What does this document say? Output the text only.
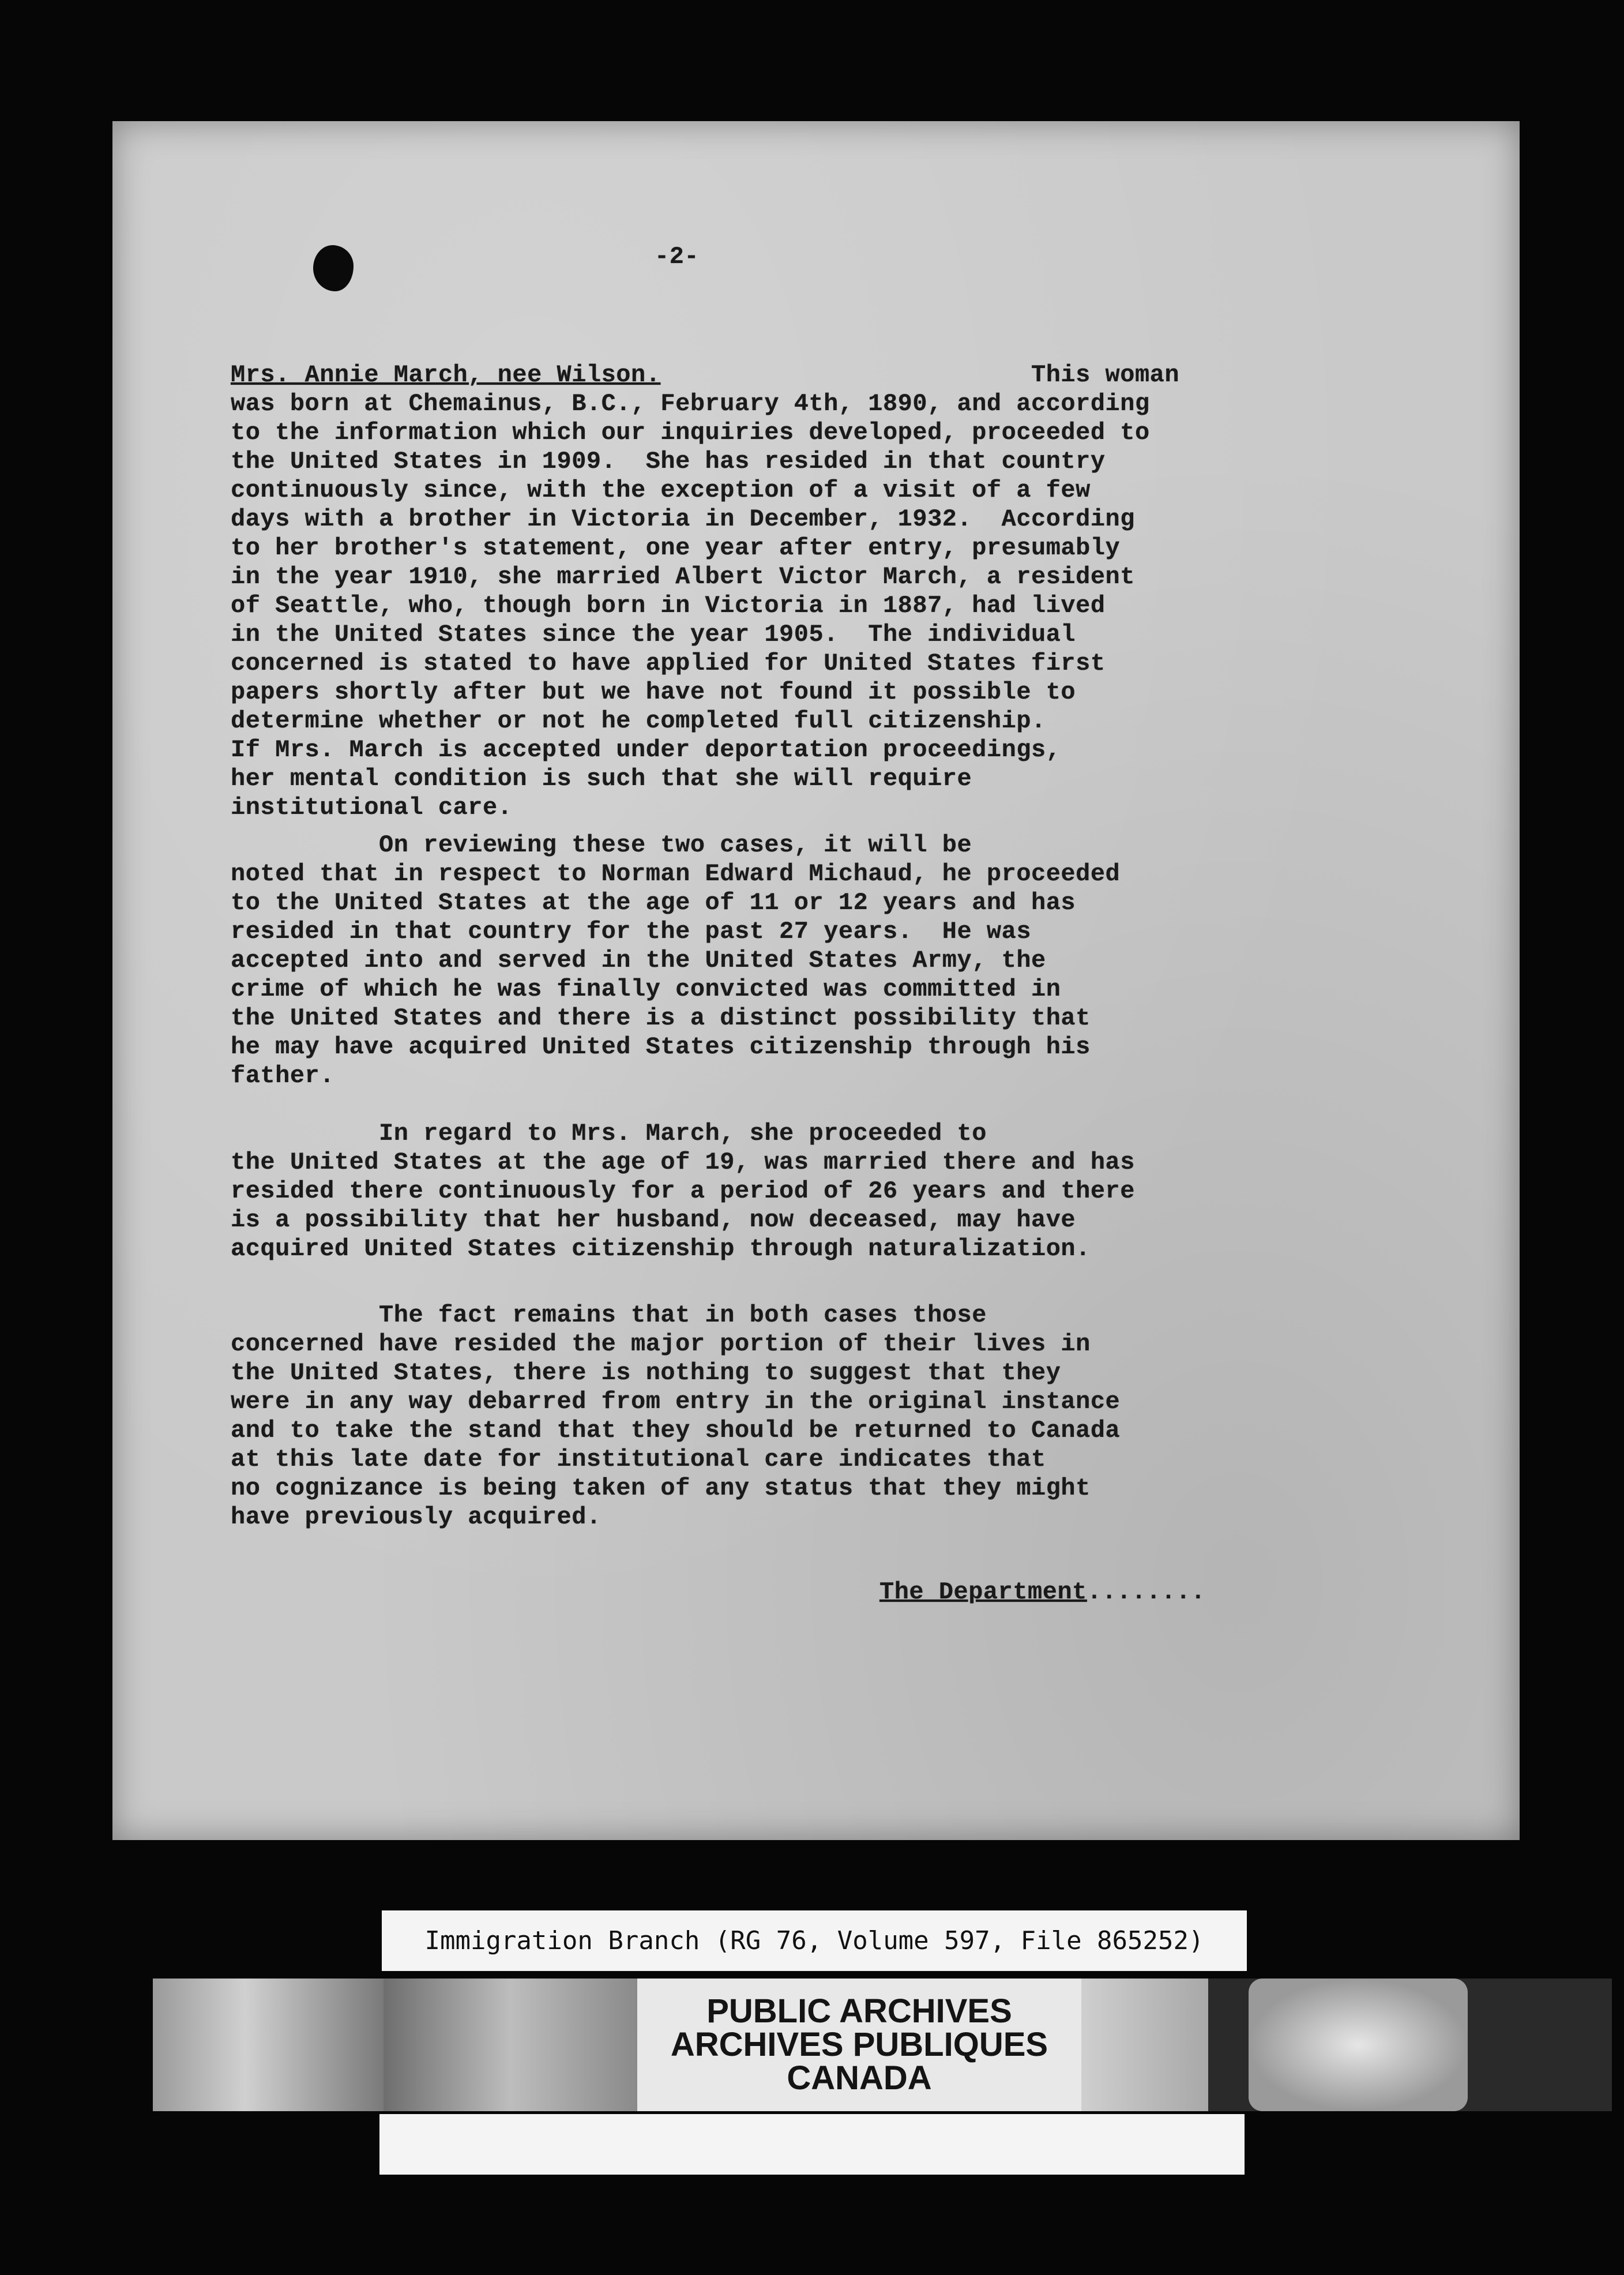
-2-
Mrs. Annie March, nee Wilson.	This woman
was born at Chemainus, B.C., February 4th, 1890, and according
to the information which our inquiries developed, proceeded to
the United States in 1909.  She has resided in that country
continuously since, with the exception of a visit of a few
days with a brother in Victoria in December, 1932.  According
to her brother's statement, one year after entry, presumably
in the year 1910, she married Albert Victor March, a resident
of Seattle, who, though born in Victoria in 1887, had lived
in the United States since the year 1905.  The individual
concerned is stated to have applied for United States first
papers shortly after but we have not found it possible to
determine whether or not he completed full citizenship.
If Mrs. March is accepted under deportation proceedings,
her mental condition is such that she will require
institutional care.
On reviewing these two cases, it will be
noted that in respect to Norman Edward Michaud, he proceeded
to the United States at the age of 11 or 12 years and has
resided in that country for the past 27 years.  He was
accepted into and served in the United States Army, the
crime of which he was finally convicted was committed in
the United States and there is a distinct possibility that
he may have acquired United States citizenship through his
father.
In regard to Mrs. March, she proceeded to
the United States at the age of 19, was married there and has
resided there continuously for a period of 26 years and there
is a possibility that her husband, now deceased, may have
acquired United States citizenship through naturalization.
The fact remains that in both cases those
concerned have resided the major portion of their lives in
the United States, there is nothing to suggest that they
were in any way debarred from entry in the original instance
and to take the stand that they should be returned to Canada
at this late date for institutional care indicates that
no cognizance is being taken of any status that they might
have previously acquired.
The Department........
Immigration Branch (RG 76, Volume 597, File 865252)
PUBLIC ARCHIVES
ARCHIVES PUBLIQUES
CANADA
